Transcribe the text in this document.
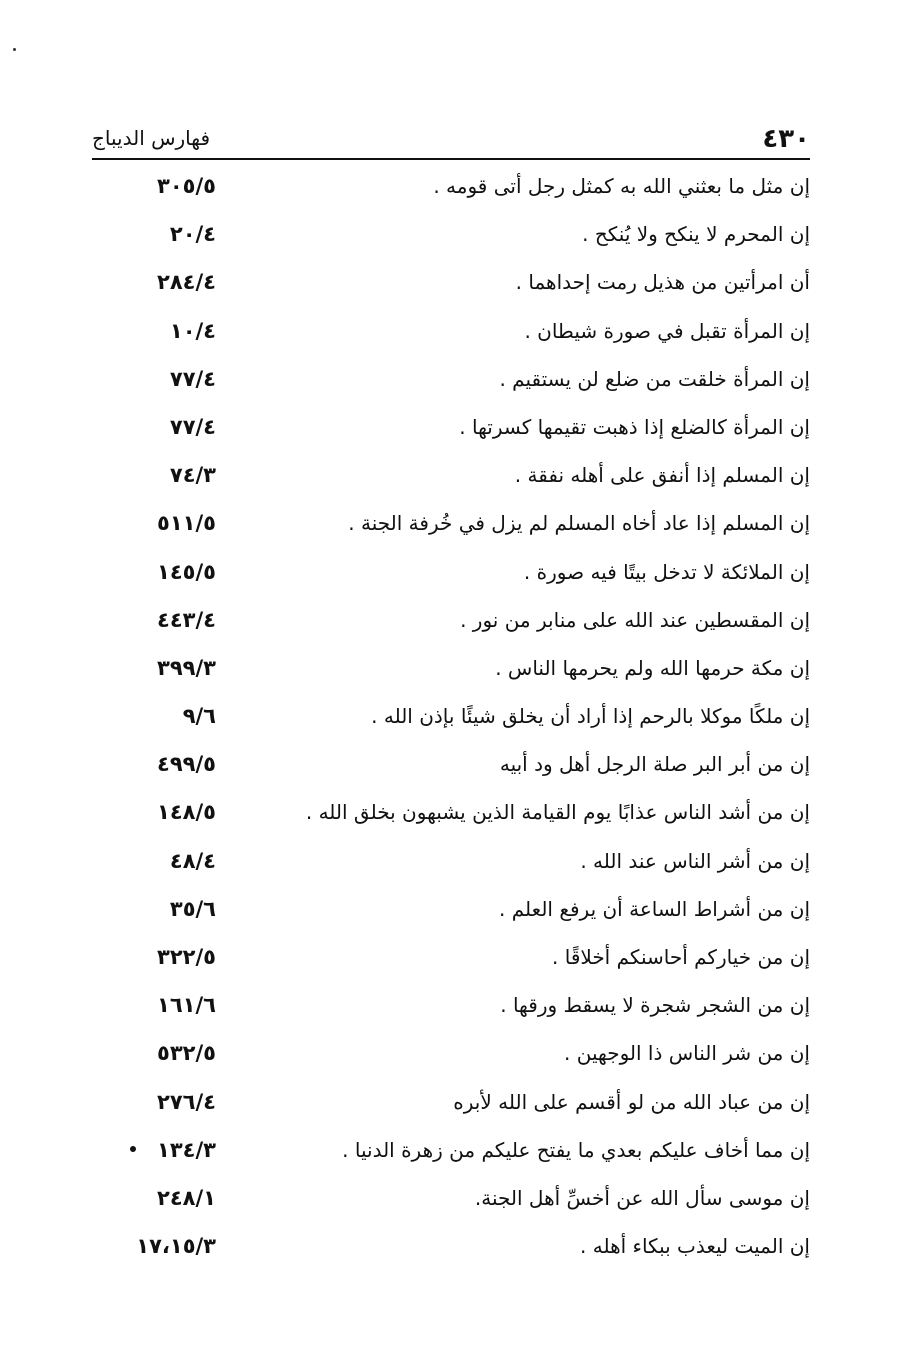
٤٣٠
فهارس الديباج
إن مثل ما بعثني الله به كمثل رجل أتى قومه .
٣٠٥/٥
إن المحرم لا ينكح ولا يُنكح .
٢٠/٤
أن امرأتين من هذيل رمت إحداهما .
٢٨٤/٤
إن المرأة تقبل في صورة شيطان .
١٠/٤
إن المرأة خلقت من ضلع لن يستقيم .
٧٧/٤
إن المرأة كالضلع إذا ذهبت تقيمها كسرتها .
٧٧/٤
إن المسلم إذا أنفق على أهله نفقة .
٧٤/٣
إن المسلم إذا عاد أخاه المسلم لم يزل في خُرفة الجنة .
٥١١/٥
إن الملائكة لا تدخل بيتًا فيه صورة .
١٤٥/٥
إن المقسطين عند الله على منابر من نور .
٤٤٣/٤
إن مكة حرمها الله ولم يحرمها الناس .
٣٩٩/٣
إن ملكًا موكلا بالرحم إذا أراد أن يخلق شيئًا بإذن الله .
٩/٦
إن من أبر البر صلة الرجل أهل ود أبيه
٤٩٩/٥
إن من أشد الناس عذابًا يوم القيامة الذين يشبهون بخلق الله .
١٤٨/٥
إن من أشر الناس عند الله .
٤٨/٤
إن من أشراط الساعة أن يرفع العلم .
٣٥/٦
إن من خياركم أحاسنكم أخلاقًا .
٣٢٢/٥
إن من الشجر شجرة لا يسقط ورقها .
١٦١/٦
إن من شر الناس ذا الوجهين .
٥٣٢/٥
إن من عباد الله من لو أقسم على الله لأبره
٢٧٦/٤
إن مما أخاف عليكم بعدي ما يفتح عليكم من زهرة الدنيا .
١٣٤/٣
إن موسى سأل الله عن أخسِّ أهل الجنة.
٢٤٨/١
إن الميت ليعذب ببكاء أهله .
١٧،١٥/٣
